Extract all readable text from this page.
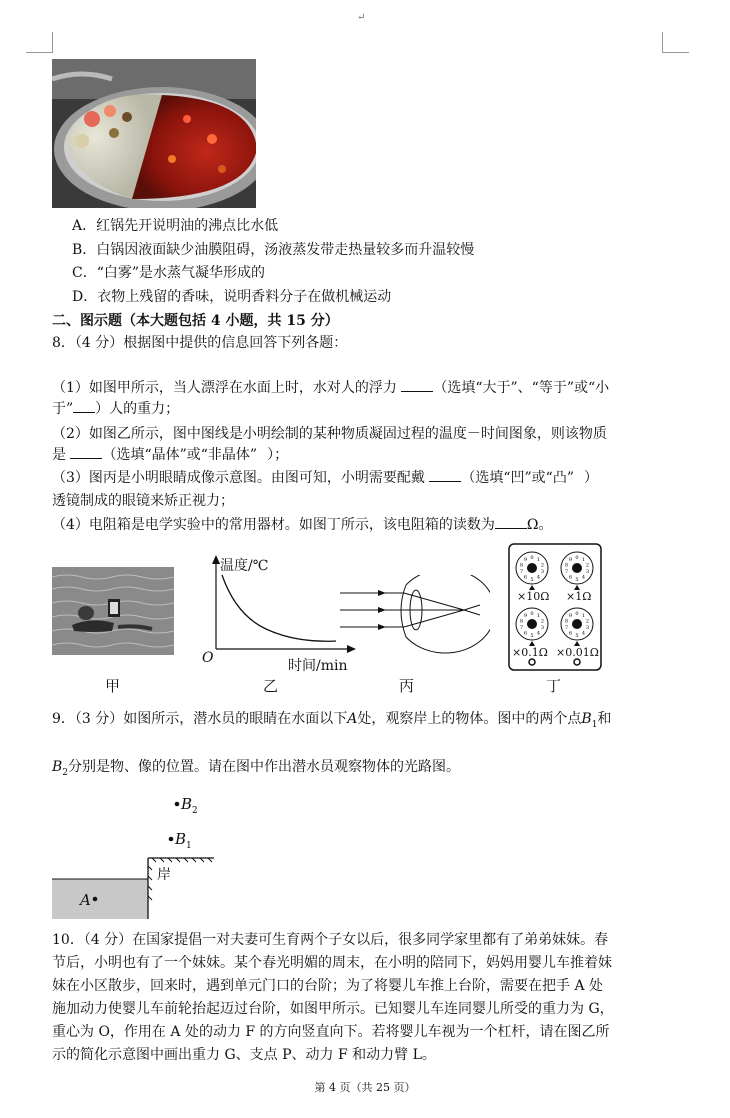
↵
A．红锅先开说明油的沸点比水低
B．白锅因液面缺少油膜阻碍，汤液蒸发带走热量较多而升温较慢
C．“白雾”是水蒸气凝华形成的
D．衣物上残留的香味，说明香料分子在做机械运动
二、图示题（本大题包括 4 小题，共 15 分）
8．（4 分）根据图中提供的信息回答下列各题：
（1）如图甲所示，当人漂浮在水面上时，水对人的浮力	（选填“大于”、“等于”或“小
于” ）人的重力；
（2）如图乙所示，图中图线是小明绘制的某种物质凝固过程的温度－时间图象，则该物质
是	（选填“晶体”或“非晶体” ）；
（3）图丙是小明眼睛成像示意图。由图可知，小明需要配戴	（选填“凹”或“凸” ）
透镜制成的眼镜来矫正视力；
（4）电阻箱是电学实验中的常用器材。如图丁所示，该电阻箱的读数为 Ω。
温度/℃
时间/min
O
0 1
2
3
4
5
6
7
8
9	0 1
2
3
4
5
6
7
8
9
0 1
2
3
4
5
6
7
8
9	0 1
2
3
4
5
6
7
8
9
×10Ω ×1Ω
×0.1Ω ×0.01Ω
甲	乙	丙	丁
9．（3 分）如图所示，潜水员的眼睛在水面以下A处，观察岸上的物体。图中的两个点$B_1$和
$B_2$分别是物、像的位置。请在图中作出潜水员观察物体的光路图。
$B_2$
$B_1$
岸
A
10．（4 分）在国家提倡一对夫妻可生育两个子女以后，很多同学家里都有了弟弟妹妹。春
节后，小明也有了一个妹妹。某个春光明媚的周末，在小明的陪同下，妈妈用婴儿车推着妹
妹在小区散步，回来时，遇到单元门口的台阶；为了将婴儿车推上台阶，需要在把手 A 处
施加动力使婴儿车前轮抬起迈过台阶，如图甲所示。已知婴儿车连同婴儿所受的重力为 G，
重心为 O，作用在 A 处的动力 F 的方向竖直向下。若将婴儿车视为一个杠杆，请在图乙所
示的简化示意图中画出重力 G、支点 P、动力 F 和动力臂 L。
第 4 页（共 25 页）
